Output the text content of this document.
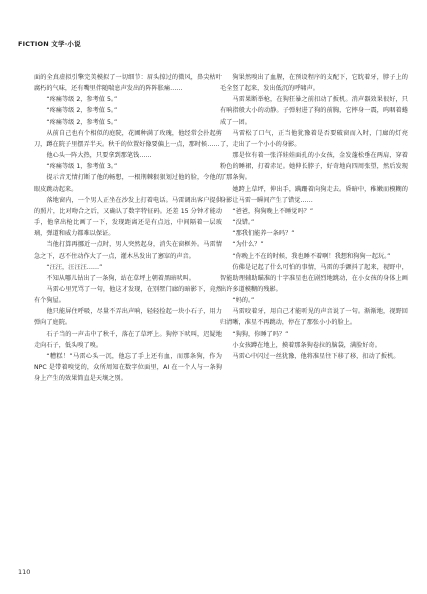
FICTION 文学·小说

面的全真虚拟引擎完美模拟了一切细节：眉头掠过的微风，鼻尖枯叶腐朽的气味，还有嘴里伴随喘息声发出的阵阵胀痛……

“疼痛等级 2，参考值 5。”

“疼痛等级 2，参考值 5。”

“疼痛等级 2，参考值 5。”

从前自己也有个相似的庭院，花圃种满了玫瑰，他经常会扑起剪刀，蹲在院子里摆弄半天。秋千的位置好像要偏上一点，那时候……

他心头一阵大热，只要拿到那笔钱……

“疼痛等级 1，参考值 3。”

提示音无情打断了他的畅想，一根荆棘狠狠划过他的脸，令他的眼皮跳动起来。

落地窗内，一个男人正坐在沙发上打着电话。马雷调出客户提供的照片，比对吻合之后，又确认了数字特征码。还差 15 分钟才能动手，他拿出枪比画了一下，发现距离还是有点远，中间隔着一层玻璃，弹道和威力都难以保证。

当他打算再挪近一点时，男人突然起身，消失在窗框外。马雷情急之下，忍不住动作大了一点，灌木丛发出了窸窣的声音。

“汪汪，汪汪汪……”

不知从哪儿钻出了一条狗，站在草坪上朝着黑暗吠叫。

马雷心里咒骂了一句，他这才发现，在别墅门廊的暗影下，竟然有个狗屋。

他只能屏住呼吸，尽量不弄出声响，轻轻捡起一块小石子，用力弹向了庭院。

石子当的一声击中了秋千，落在了草坪上。狗停下吠叫，迟疑地走向石子，低头嗅了嗅。

“糟糕！”马雷心头一沉，他忘了手上还有血，而那条狗，作为 NPC 是带着嗅觉的，众所周知在数字位面里，AI 在一个人与一条狗身上产生的效果简直是天壤之别。

狗果然嗅出了血腥，在预设程序的支配下，它眈着牙，脖子上的毛全竖了起来，发出低沉的呼啸声。

马雷果断举枪，在狗狂暴之前扣动了扳机。消声器效果很好，只有响指般大小的动静。子弹射进了狗的前胸，它摔身一震，呜咽着蜷成了一团。

马雷松了口气，正当他犹豫着是否要破窗而入时，门廊的灯亮了，走出了一个小小的身影。

那是位有着一张洋娃娃面孔的小女孩，金发蓬松垂在两肩，穿着粉色的睡裙，打着赤足。她伸长脖子，好奇地向四周张望，然后发现了那条狗。

她跨上草坪，伸出手，蹒跚着向狗走去。昏暗中，稚嫩而模糊的身影让马雷一瞬间产生了错觉……

“爸爸，狗狗晚上不睡觉吗？”

“没错。”

“那我们能养一条吗？”

“为什么？”

“你晚上不在的时候，我也睡不着啊！我想和狗狗一起玩。”

仿佛是记起了什么可怕的事情，马雷的手颤抖了起来，视野中，智能助理辅助瞄准的十字准星也在剧烈地跳动，在小女孩的身体上画出许多道模糊的残影。

“妈的。”

马雷咬着牙，用自己才能听见的声音说了一句。渐渐地，视野回归清晰，准星不再跳动，停在了那张小小的脸上。

“狗狗，你睡了吗？”

小女孩蹲在地上，摸着那条狗卷拉的脑袋，满脸好奇。

马雷心中闪过一丝犹豫，他将准星往下移了移，扣动了扳机。

110
